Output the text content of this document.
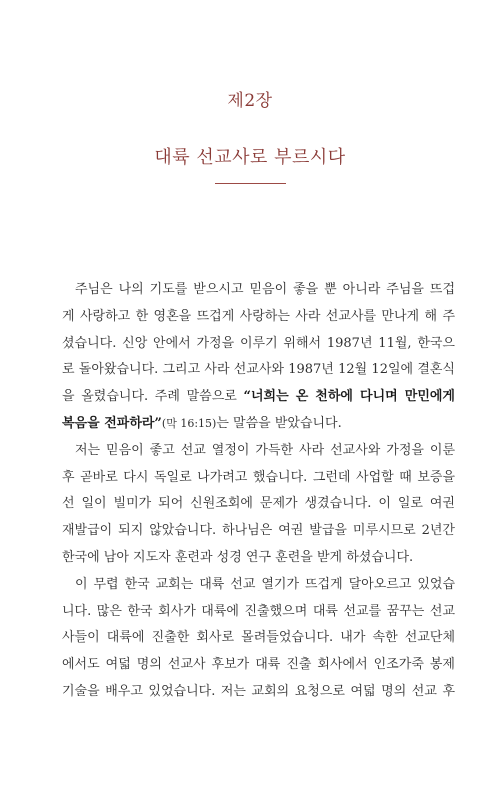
제2장
대륙 선교사로 부르시다
주님은 나의 기도를 받으시고 믿음이 좋을 뿐 아니라 주님을 뜨겁
게 사랑하고 한 영혼을 뜨겁게 사랑하는 사라 선교사를 만나게 해 주
셨습니다. 신앙 안에서 가정을 이루기 위해서 1987년 11월, 한국으
로 돌아왔습니다. 그리고 사라 선교사와 1987년 12월 12일에 결혼식
을 올렸습니다. 주례 말씀으로 “너희는 온 천하에 다니며 만민에게
복음을 전파하라”(막 16:15)는 말씀을 받았습니다.
저는 믿음이 좋고 선교 열정이 가득한 사라 선교사와 가정을 이룬
후 곧바로 다시 독일로 나가려고 했습니다. 그런데 사업할 때 보증을
선 일이 빌미가 되어 신원조회에 문제가 생겼습니다. 이 일로 여권
재발급이 되지 않았습니다. 하나님은 여권 발급을 미루시므로 2년간
한국에 남아 지도자 훈련과 성경 연구 훈련을 받게 하셨습니다.
이 무렵 한국 교회는 대륙 선교 열기가 뜨겁게 달아오르고 있었습
니다. 많은 한국 회사가 대륙에 진출했으며 대륙 선교를 꿈꾸는 선교
사들이 대륙에 진출한 회사로 몰려들었습니다. 내가 속한 선교단체
에서도 여덟 명의 선교사 후보가 대륙 진출 회사에서 인조가죽 봉제
기술을 배우고 있었습니다. 저는 교회의 요청으로 여덟 명의 선교 후
